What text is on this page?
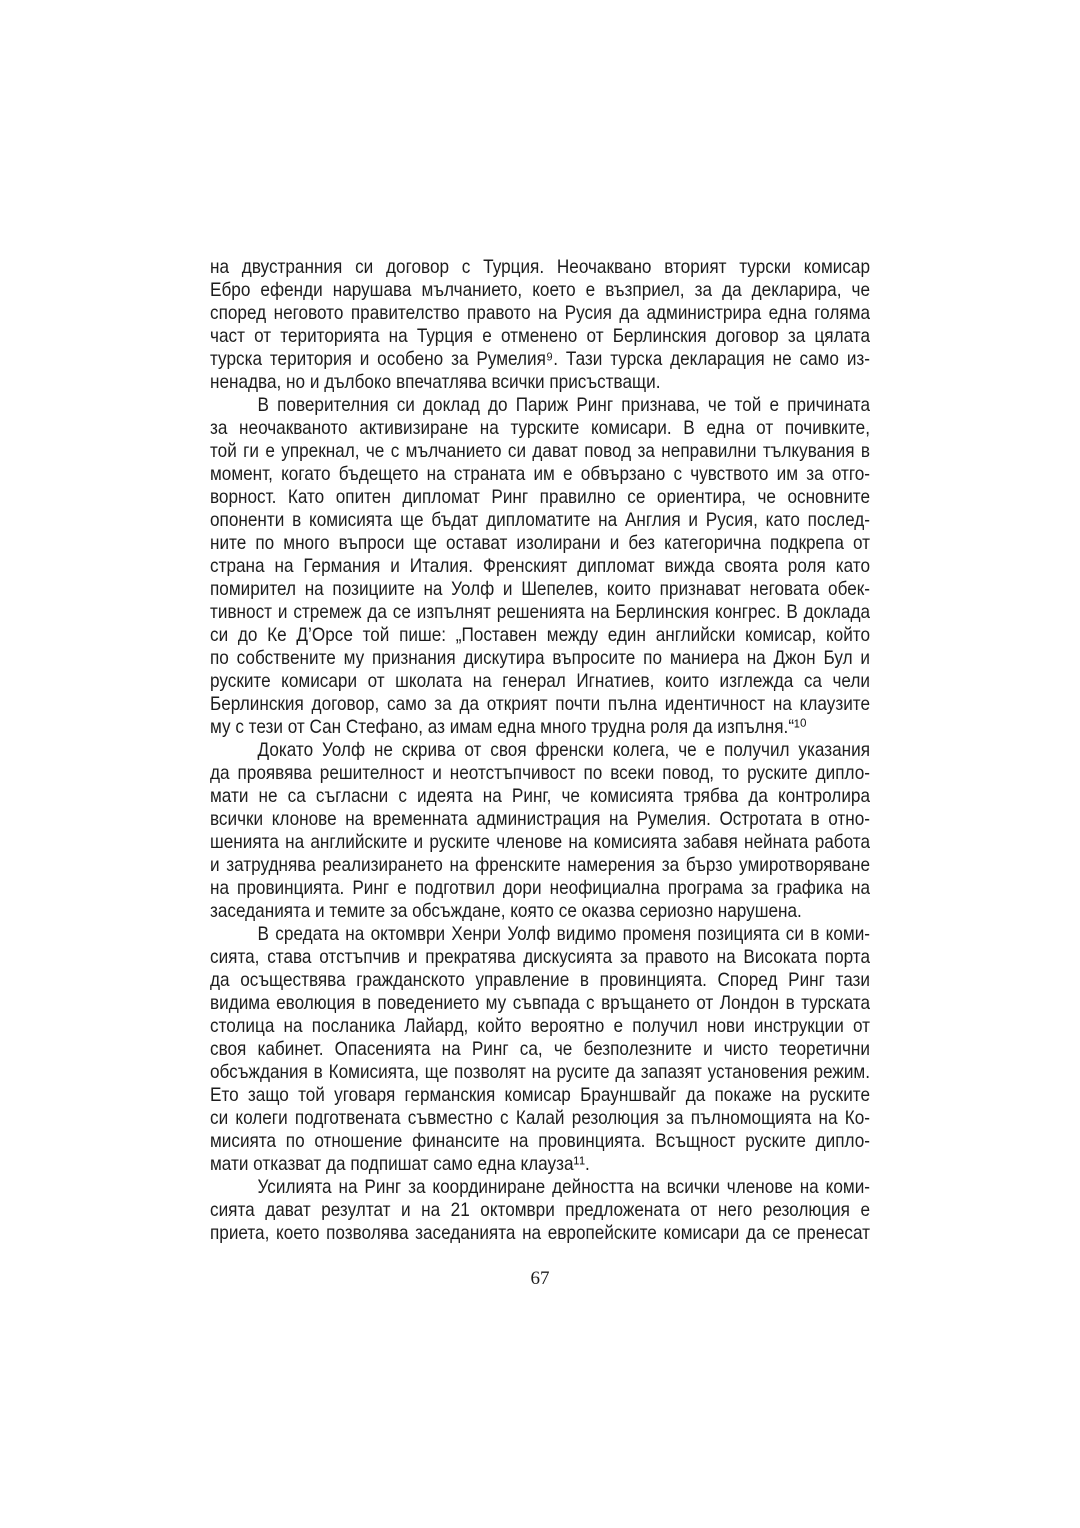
на двустранния си договор с Турция. Неочаквано вторият турски комисар
Ебро ефенди нарушава мълчанието, което е възприел, за да декларира, че
според неговото правителство правото на Русия да администрира една голяма
част от територията на Турция е отменено от Берлинския договор за цялата
турска територия и особено за Румелия⁹. Тази турска декларация не само из-
ненадва, но и дълбоко впечатлява всички присъстващи.
В поверителния си доклад до Париж Ринг признава, че той е причината
за неочакваното активизиране на турските комисари. В една от почивките,
той ги е упрекнал, че с мълчанието си дават повод за неправилни тълкувания в
момент, когато бъдещето на страната им е обвързано с чувството им за отго-
ворност. Като опитен дипломат Ринг правилно се ориентира, че основните
опоненти в комисията ще бъдат дипломатите на Англия и Русия, като послед-
ните по много въпроси ще остават изолирани и без категорична подкрепа от
страна на Германия и Италия. Френският дипломат вижда своята роля като
помирител на позициите на Уолф и Шепелев, които признават неговата обек-
тивност и стремеж да се изпълнят решенията на Берлинския конгрес. В доклада
си до Ке Д’Орсе той пише: „Поставен между един английски комисар, който
по собствените му признания дискутира въпросите по маниера на Джон Бул и
руските комисари от школата на генерал Игнатиев, които изглежда са чели
Берлинския договор, само за да открият почти пълна идентичност на клаузите
му с тези от Сан Стефано, аз имам една много трудна роля да изпълня.“¹⁰
Докато Уолф не скрива от своя френски колега, че е получил указания
да проявява решителност и неотстъпчивост по всеки повод, то руските дипло-
мати не са съгласни с идеята на Ринг, че комисията трябва да контролира
всички клонове на временната администрация на Румелия. Остротата в отно-
шенията на английските и руските членове на комисията забавя нейната работа
и затруднява реализирането на френските намерения за бързо умиротворяване
на провинцията. Ринг е подготвил дори неофициална програма за графика на
заседанията и темите за обсъждане, която се оказва сериозно нарушена.
В средата на октомври Хенри Уолф видимо променя позицията си в коми-
сията, става отстъпчив и прекратява дискусията за правото на Високата порта
да осъществява гражданското управление в провинцията. Според Ринг тази
видима еволюция в поведението му съвпада с връщането от Лондон в турската
столица на посланика Лайард, който вероятно е получил нови инструкции от
своя кабинет. Опасенията на Ринг са, че безполезните и чисто теоретични
обсъждания в Комисията, ще позволят на русите да запазят установения режим.
Ето защо той уговаря германския комисар Брауншвайг да покаже на руските
си колеги подготвената съвместно с Калай резолюция за пълномощията на Ко-
мисията по отношение финансите на провинцията. Всъщност руските дипло-
мати отказват да подпишат само една клауза¹¹.
Усилията на Ринг за координиране дейността на всички членове на коми-
сията дават резултат и на 21 октомври предложената от него резолюция е
приета, което позволява заседанията на европейските комисари да се пренесат
67
